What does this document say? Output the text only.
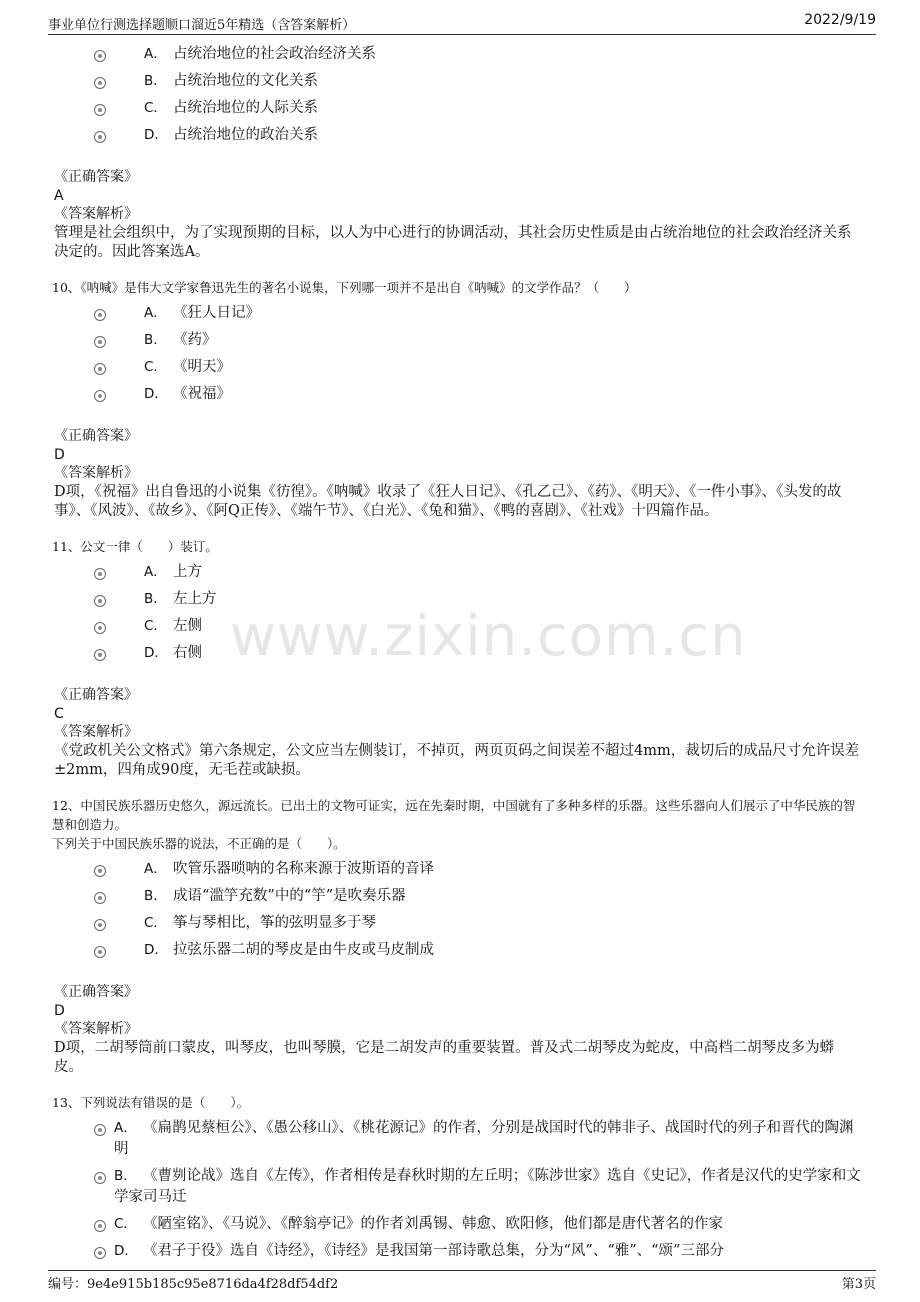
事业单位行测选择题顺口溜近5年精选（含答案解析）	2022/9/19
www.zixin.com.cn
A． 占统治地位的社会政治经济关系
B． 占统治地位的文化关系
C． 占统治地位的人际关系
D． 占统治地位的政治关系
《正确答案》
A
《答案解析》
管理是社会组织中，为了实现预期的目标，以人为中心进行的协调活动，其社会历史性质是由占统治地位的社会政治经济关系决定的。因此答案选A。
10、《呐喊》是伟大文学家鲁迅先生的著名小说集，下列哪一项并不是出自《呐喊》的文学作品？（　　）
A． 《狂人日记》
B． 《药》
C． 《明天》
D． 《祝福》
《正确答案》
D
《答案解析》
D项，《祝福》出自鲁迅的小说集《彷徨》。《呐喊》收录了《狂人日记》、《孔乙己》、《药》、《明天》、《一件小事》、《头发的故事》、《风波》、《故乡》、《阿Q正传》、《端午节》、《白光》、《兔和猫》、《鸭的喜剧》、《社戏》十四篇作品。
11、公文一律（　　）装订。
A． 上方
B． 左上方
C． 左侧
D． 右侧
《正确答案》
C
《答案解析》
《党政机关公文格式》第六条规定，公文应当左侧装订，不掉页，两页页码之间误差不超过4mm，裁切后的成品尺寸允许误差±2mm，四角成90度，无毛茬或缺损。
12、中国民族乐器历史悠久，源远流长。已出土的文物可证实，远在先秦时期，中国就有了多种多样的乐器。这些乐器向人们展示了中华民族的智慧和创造力。
下列关于中国民族乐器的说法，不正确的是（　　）。
A． 吹管乐器唢呐的名称来源于波斯语的音译
B． 成语“滥竽充数”中的“竽”是吹奏乐器
C． 筝与琴相比，筝的弦明显多于琴
D． 拉弦乐器二胡的琴皮是由牛皮或马皮制成
《正确答案》
D
《答案解析》
D项，二胡琴筒前口蒙皮，叫琴皮，也叫琴膜，它是二胡发声的重要装置。普及式二胡琴皮为蛇皮，中高档二胡琴皮多为蟒皮。
13、下列说法有错误的是（　　）。
A． 《扁鹊见蔡桓公》、《愚公移山》、《桃花源记》的作者，分别是战国时代的韩非子、战国时代的列子和晋代的陶渊明
B． 《曹刿论战》选自《左传》，作者相传是春秋时期的左丘明；《陈涉世家》选自《史记》，作者是汉代的史学家和文学家司马迁
C． 《陋室铭》、《马说》、《醉翁亭记》的作者刘禹锡、韩愈、欧阳修，他们都是唐代著名的作家
D． 《君子于役》选自《诗经》，《诗经》是我国第一部诗歌总集，分为“风”、“雅”、“颂”三部分
编号：9e4e915b185c95e8716da4f28df54df2	第3页
